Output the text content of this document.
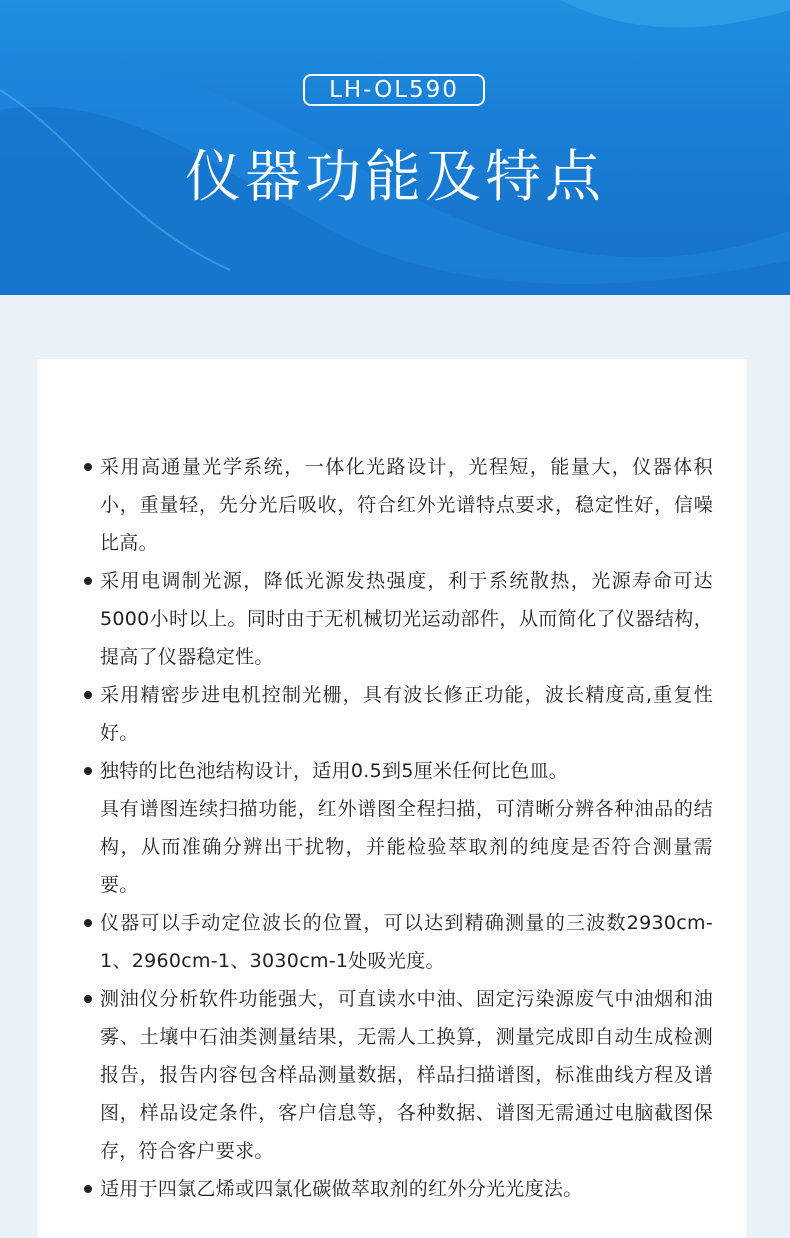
LH-OL590
仪器功能及特点
采用高通量光学系统，一体化光路设计，光程短，能量大，仪器体积小，重量轻，先分光后吸收，符合红外光谱特点要求，稳定性好，信噪比高。
采用电调制光源，降低光源发热强度，利于系统散热，光源寿命可达5000小时以上。同时由于无机械切光运动部件，从而简化了仪器结构，提高了仪器稳定性。
采用精密步进电机控制光栅，具有波长修正功能，波长精度高,重复性好。
独特的比色池结构设计，适用0.5到5厘米任何比色皿。
具有谱图连续扫描功能，红外谱图全程扫描，可清晰分辨各种油品的结构，从而准确分辨出干扰物，并能检验萃取剂的纯度是否符合测量需要。
仪器可以手动定位波长的位置，可以达到精确测量的三波数2930cm-1、2960cm-1、3030cm-1处吸光度。
测油仪分析软件功能强大，可直读水中油、固定污染源废气中油烟和油雾、土壤中石油类测量结果，无需人工换算，测量完成即自动生成检测报告，报告内容包含样品测量数据，样品扫描谱图，标准曲线方程及谱图，样品设定条件，客户信息等，各种数据、谱图无需通过电脑截图保存，符合客户要求。
适用于四氯乙烯或四氯化碳做萃取剂的红外分光光度法。
